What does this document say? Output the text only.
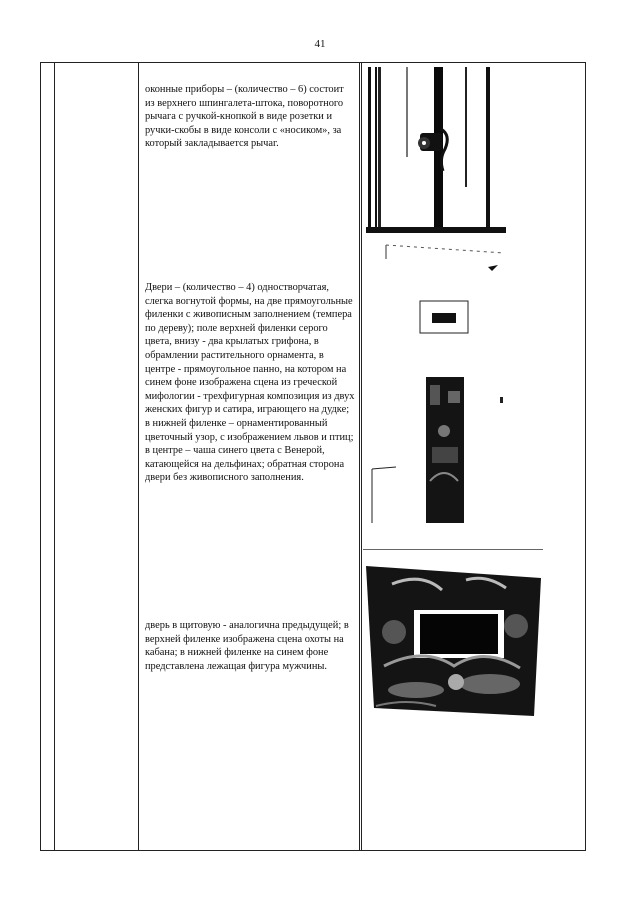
41
оконные приборы – (количество – 6) состоит из верхнего шпингалета-штока, поворотного рычага с ручкой-кнопкой в виде розетки и ручки-скобы в виде консоли с «носиком», за который закладывается рычаг.
Двери – (количество – 4) одностворчатая, слегка вогнутой формы, на две прямоугольные филенки с живописным заполнением (темпера по дереву); поле верхней филенки серого цвета, внизу - два крылатых грифона, в обрамлении растительного орнамента, в центре - прямоугольное панно, на котором на синем фоне изображена сцена из греческой мифологии - трехфигурная композиция из двух женских фигур и сатира, играющего на дудке; в нижней филенке – орнаментированный цветочный узор, с изображением львов и птиц; в центре – чаша синего цвета с Венерой, катающейся на дельфинах; обратная сторона двери без живописного заполнения.
дверь в щитовую - аналогична предыдущей; в верхней филенке изображена сцена охоты на кабана; в нижней филенке на синем фоне представлена лежащая фигура мужчины.
